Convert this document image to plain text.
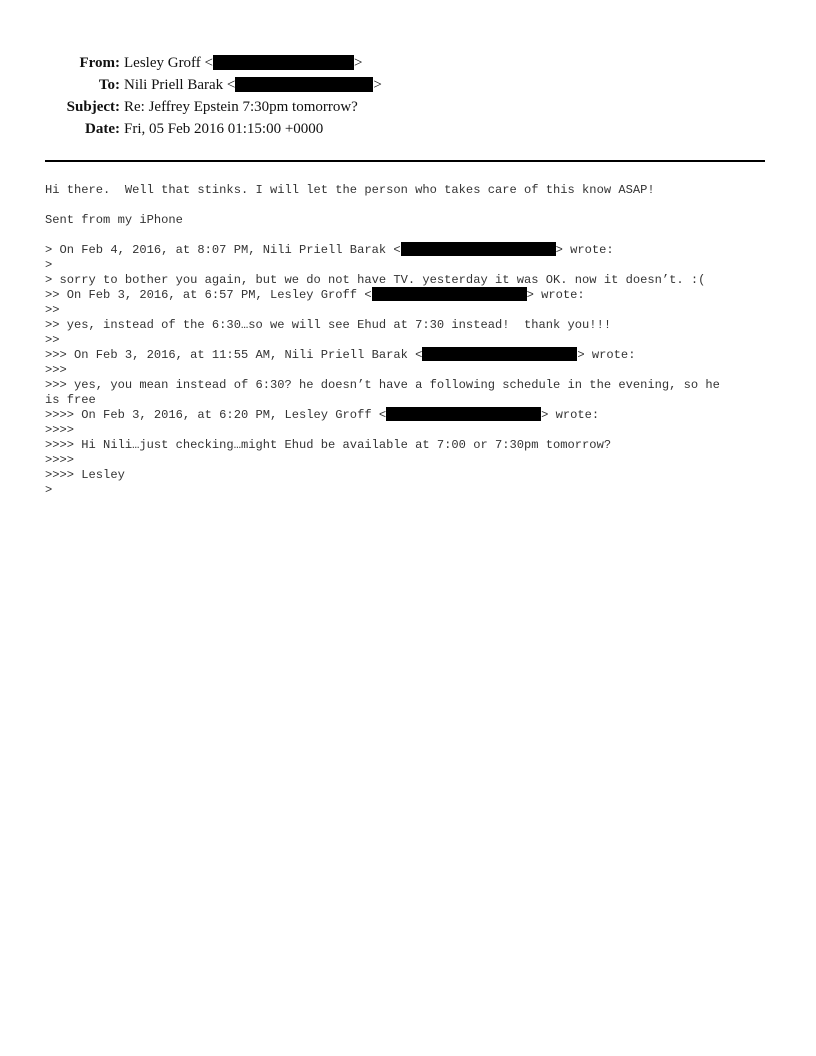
From: Lesley Groff <	>
To: Nili Priell Barak <	>
Subject: Re: Jeffrey Epstein 7:30pm tomorrow?
Date: Fri, 05 Feb 2016 01:15:00 +0000
Hi there.  Well that stinks. I will let the person who takes care of this know ASAP!
Sent from my iPhone
> On Feb 4, 2016, at 8:07 PM, Nili Priell Barak <	> wrote:
>
> sorry to bother you again, but we do not have TV. yesterday it was OK. now it doesn’t. :(
>> On Feb 3, 2016, at 6:57 PM, Lesley Groff <	> wrote:
>>
>> yes, instead of the 6:30…so we will see Ehud at 7:30 instead!  thank you!!!
>>
>>> On Feb 3, 2016, at 11:55 AM, Nili Priell Barak <	> wrote:
>>>
>>> yes, you mean instead of 6:30? he doesn’t have a following schedule in the evening, so he
is free
>>>> On Feb 3, 2016, at 6:20 PM, Lesley Groff <	> wrote:
>>>>
>>>> Hi Nili…just checking…might Ehud be available at 7:00 or 7:30pm tomorrow?
>>>>
>>>> Lesley
>
